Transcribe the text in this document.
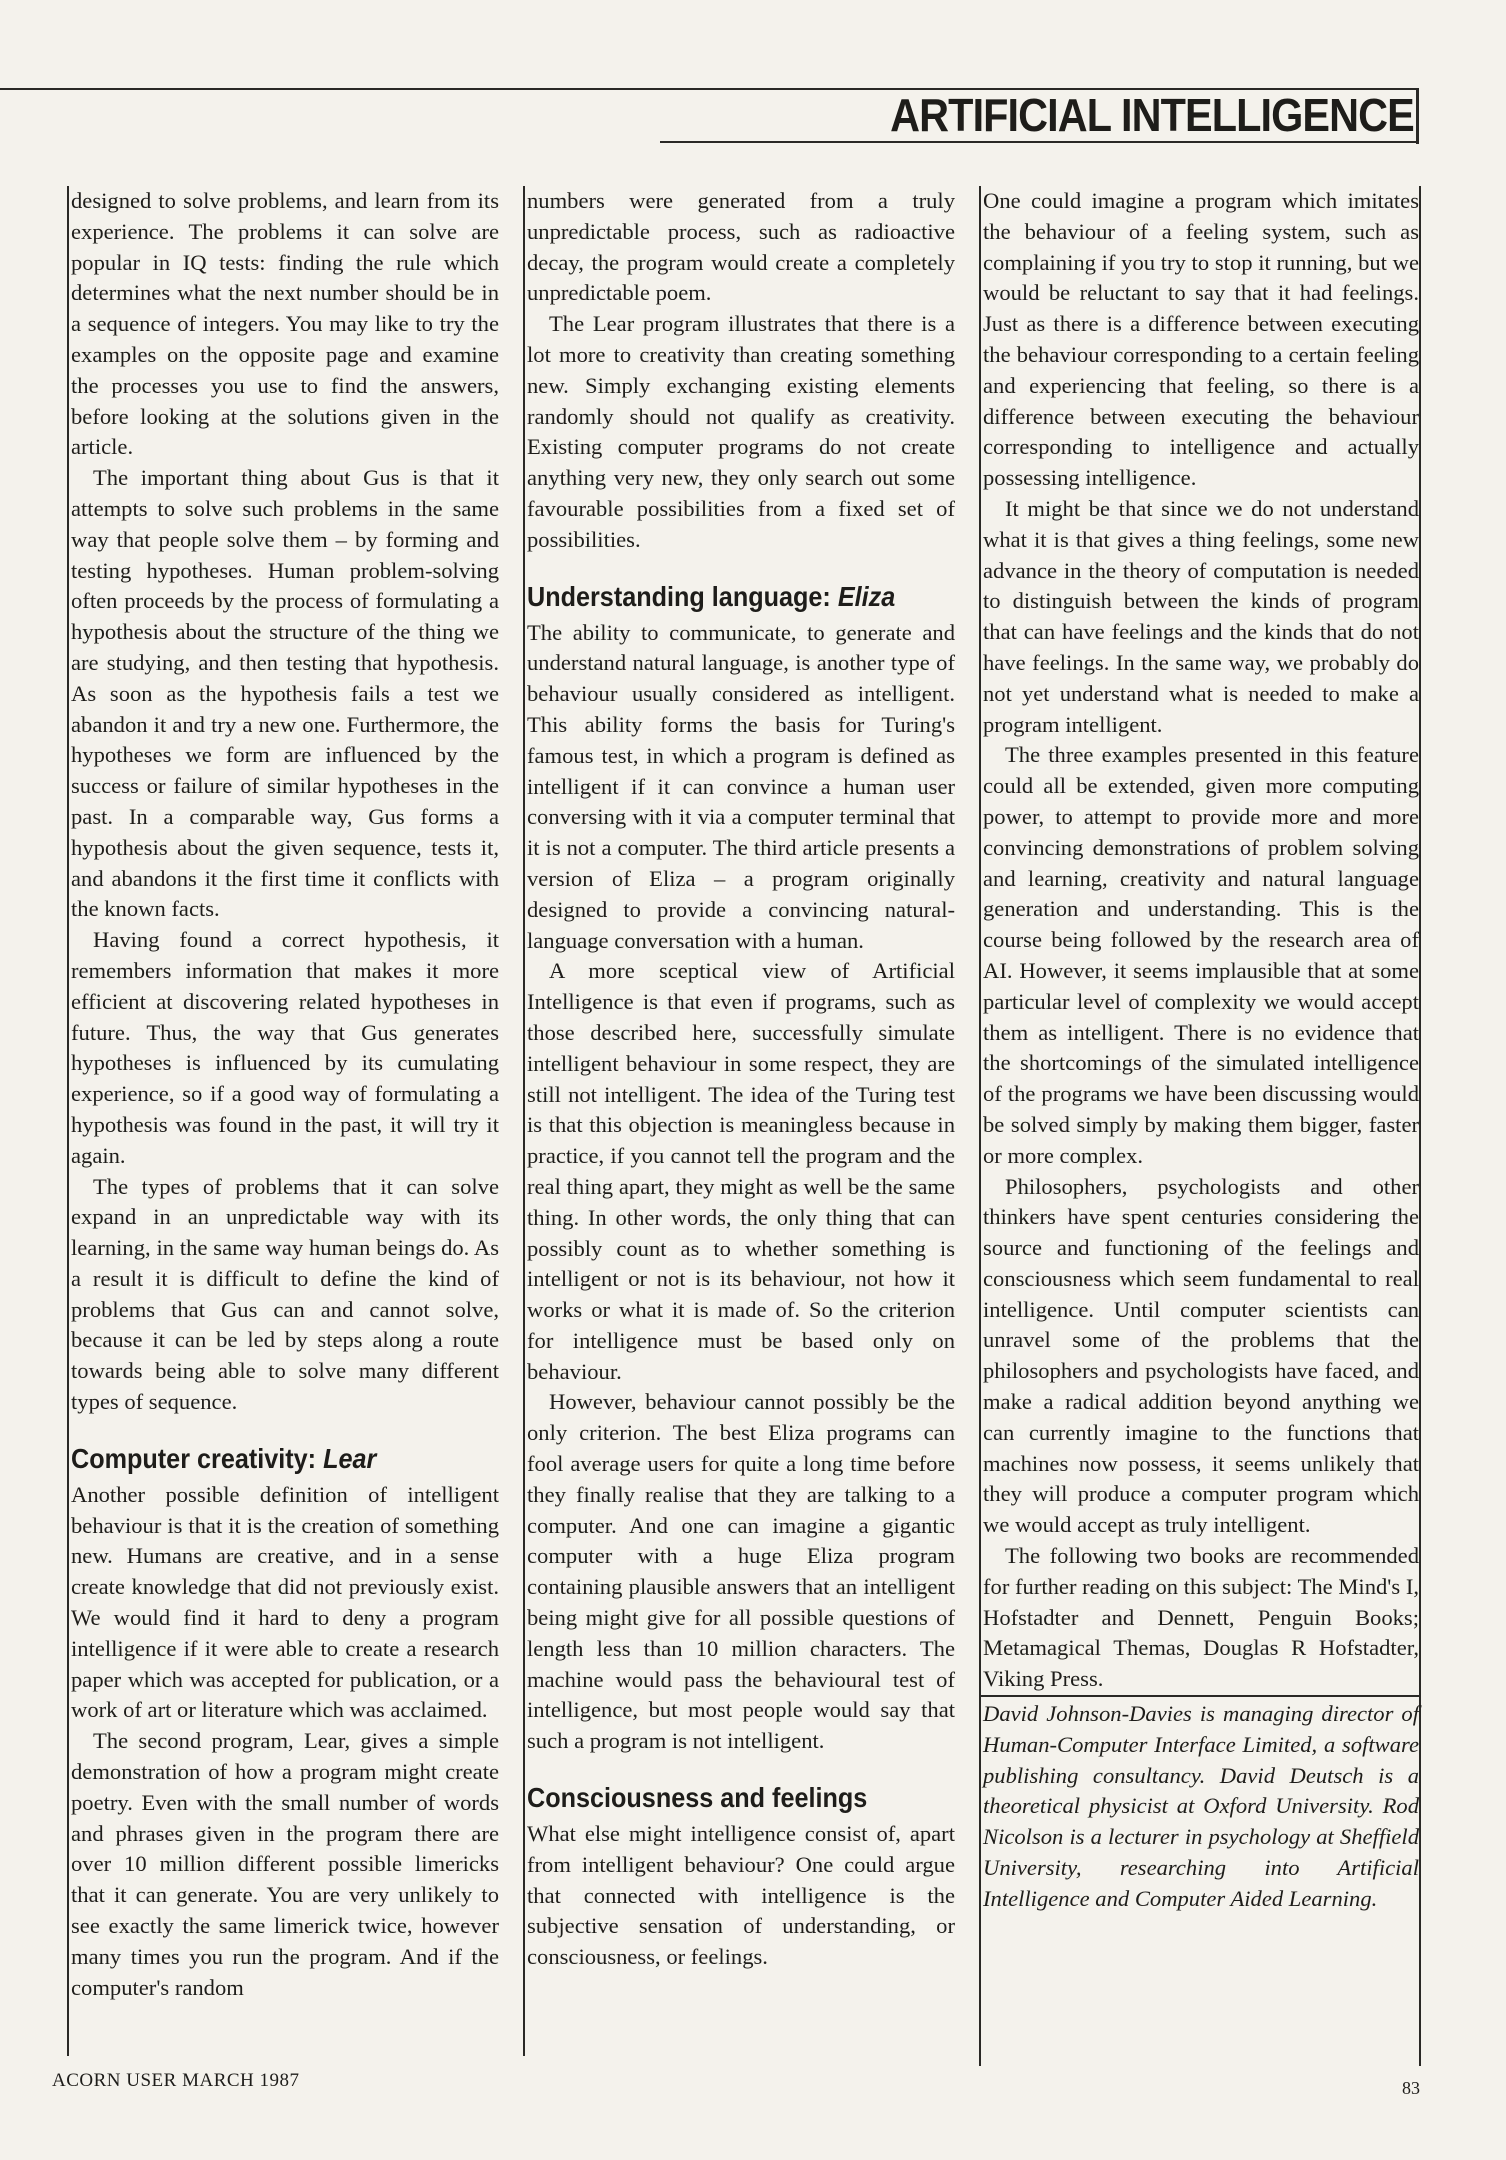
ARTIFICIAL INTELLIGENCE

designed to solve problems, and learn from its experience. The problems it can solve are popular in IQ tests: finding the rule which determines what the next number should be in a sequence of integers. You may like to try the examples on the opposite page and examine the processes you use to find the answers, before looking at the solutions given in the article.

The important thing about Gus is that it attempts to solve such problems in the same way that people solve them – by forming and testing hypotheses. Human problem-solving often proceeds by the process of formulating a hypothesis about the structure of the thing we are studying, and then testing that hypothesis. As soon as the hypothesis fails a test we abandon it and try a new one. Furthermore, the hypotheses we form are influenced by the success or failure of similar hypotheses in the past. In a comparable way, Gus forms a hypothesis about the given sequence, tests it, and abandons it the first time it conflicts with the known facts.

Having found a correct hypothesis, it remembers information that makes it more efficient at discovering related hypotheses in future. Thus, the way that Gus generates hypotheses is influenced by its cumulating experience, so if a good way of formulating a hypothesis was found in the past, it will try it again.

The types of problems that it can solve expand in an unpredictable way with its learning, in the same way human beings do. As a result it is difficult to define the kind of problems that Gus can and cannot solve, because it can be led by steps along a route towards being able to solve many different types of sequence.

Computer creativity: Lear

Another possible definition of intelligent behaviour is that it is the creation of something new. Humans are creative, and in a sense create knowledge that did not previously exist. We would find it hard to deny a program intelligence if it were able to create a research paper which was accepted for publication, or a work of art or literature which was acclaimed.

The second program, Lear, gives a simple demonstration of how a program might create poetry. Even with the small number of words and phrases given in the program there are over 10 million different possible limericks that it can generate. You are very unlikely to see exactly the same limerick twice, however many times you run the program. And if the computer's random

numbers were generated from a truly unpredictable process, such as radioactive decay, the program would create a completely unpredictable poem.

The Lear program illustrates that there is a lot more to creativity than creating something new. Simply exchanging existing elements randomly should not qualify as creativity. Existing computer programs do not create anything very new, they only search out some favourable possibilities from a fixed set of possibilities.

Understanding language: Eliza

The ability to communicate, to generate and understand natural language, is another type of behaviour usually considered as intelligent. This ability forms the basis for Turing's famous test, in which a program is defined as intelligent if it can convince a human user conversing with it via a computer terminal that it is not a computer. The third article presents a version of Eliza – a program originally designed to provide a convincing natural-language conversation with a human.

A more sceptical view of Artificial Intelligence is that even if programs, such as those described here, successfully simulate intelligent behaviour in some respect, they are still not intelligent. The idea of the Turing test is that this objection is meaningless because in practice, if you cannot tell the program and the real thing apart, they might as well be the same thing. In other words, the only thing that can possibly count as to whether something is intelligent or not is its behaviour, not how it works or what it is made of. So the criterion for intelligence must be based only on behaviour.

However, behaviour cannot possibly be the only criterion. The best Eliza programs can fool average users for quite a long time before they finally realise that they are talking to a computer. And one can imagine a gigantic computer with a huge Eliza program containing plausible answers that an intelligent being might give for all possible questions of length less than 10 million characters. The machine would pass the behavioural test of intelligence, but most people would say that such a program is not intelligent.

Consciousness and feelings

What else might intelligence consist of, apart from intelligent behaviour? One could argue that connected with intelligence is the subjective sensation of understanding, or consciousness, or feelings.

One could imagine a program which imitates the behaviour of a feeling system, such as complaining if you try to stop it running, but we would be reluctant to say that it had feelings. Just as there is a difference between executing the behaviour corresponding to a certain feeling and experiencing that feeling, so there is a difference between executing the behaviour corresponding to intelligence and actually possessing intelligence.

It might be that since we do not understand what it is that gives a thing feelings, some new advance in the theory of computation is needed to distinguish between the kinds of program that can have feelings and the kinds that do not have feelings. In the same way, we probably do not yet understand what is needed to make a program intelligent.

The three examples presented in this feature could all be extended, given more computing power, to attempt to provide more and more convincing demonstrations of problem solving and learning, creativity and natural language generation and understanding. This is the course being followed by the research area of AI. However, it seems implausible that at some particular level of complexity we would accept them as intelligent. There is no evidence that the shortcomings of the simulated intelligence of the programs we have been discussing would be solved simply by making them bigger, faster or more complex.

Philosophers, psychologists and other thinkers have spent centuries considering the source and functioning of the feelings and consciousness which seem fundamental to real intelligence. Until computer scientists can unravel some of the problems that the philosophers and psychologists have faced, and make a radical addition beyond anything we can currently imagine to the functions that machines now possess, it seems unlikely that they will produce a computer program which we would accept as truly intelligent.

The following two books are recommended for further reading on this subject: The Mind's I, Hofstadter and Dennett, Penguin Books; Metamagical Themas, Douglas R Hofstadter, Viking Press.

David Johnson-Davies is managing director of Human-Computer Interface Limited, a software publishing consultancy. David Deutsch is a theoretical physicist at Oxford University. Rod Nicolson is a lecturer in psychology at Sheffield University, researching into Artificial Intelligence and Computer Aided Learning.

ACORN USER MARCH 1987	83
